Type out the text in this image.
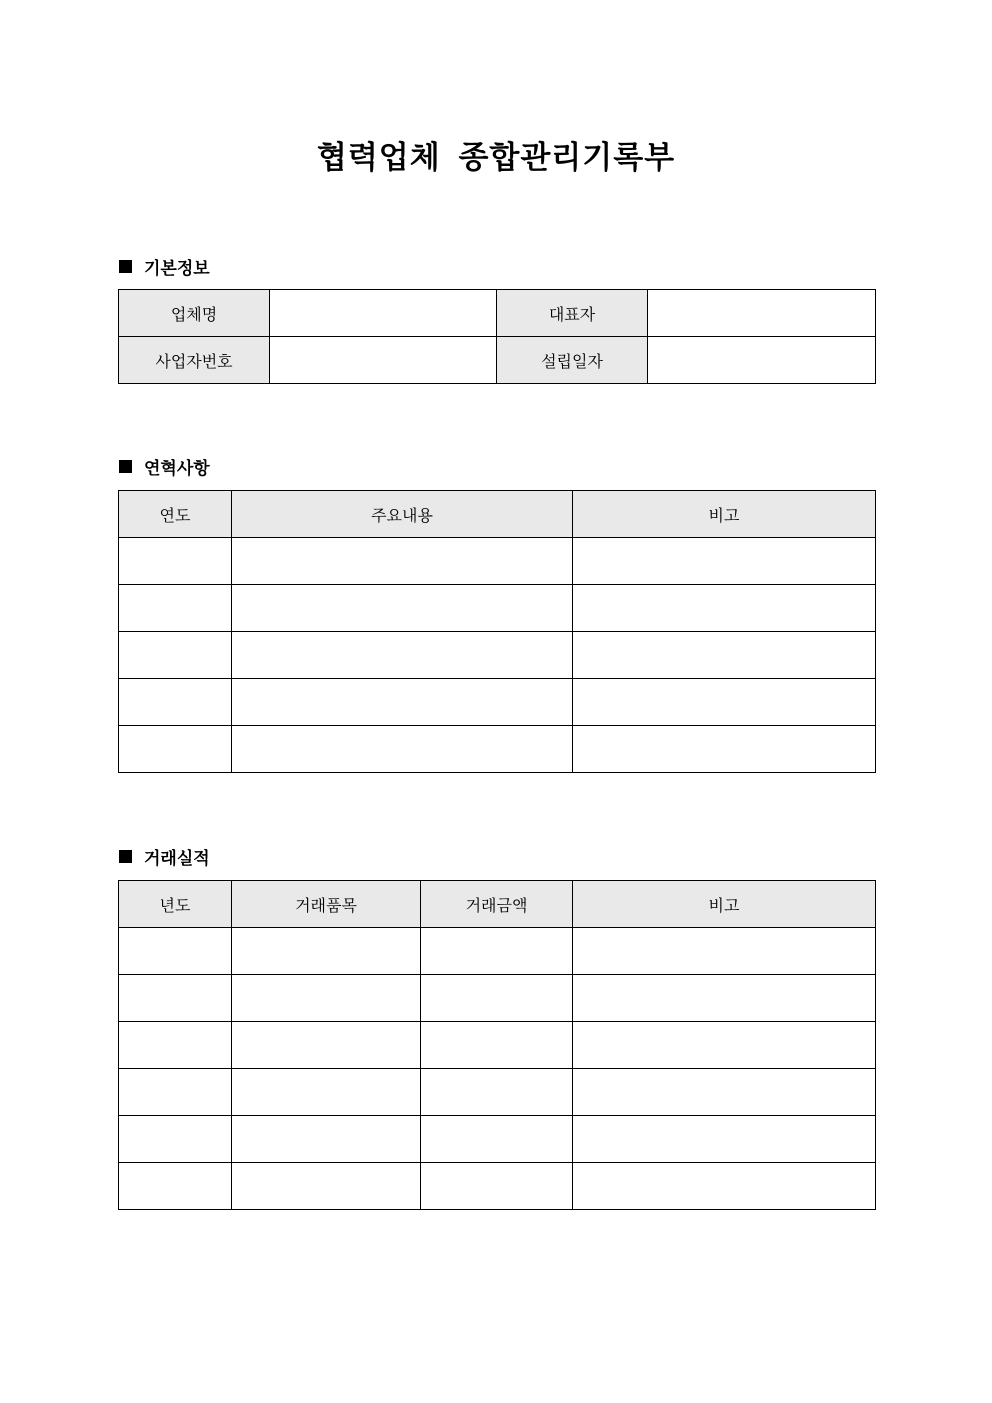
협력업체 종합관리기록부
기본정보
업체명		대표자	
사업자번호		설립일자	
연혁사항
연도	주요내용	비고

거래실적
년도	거래품목	거래금액	비고
